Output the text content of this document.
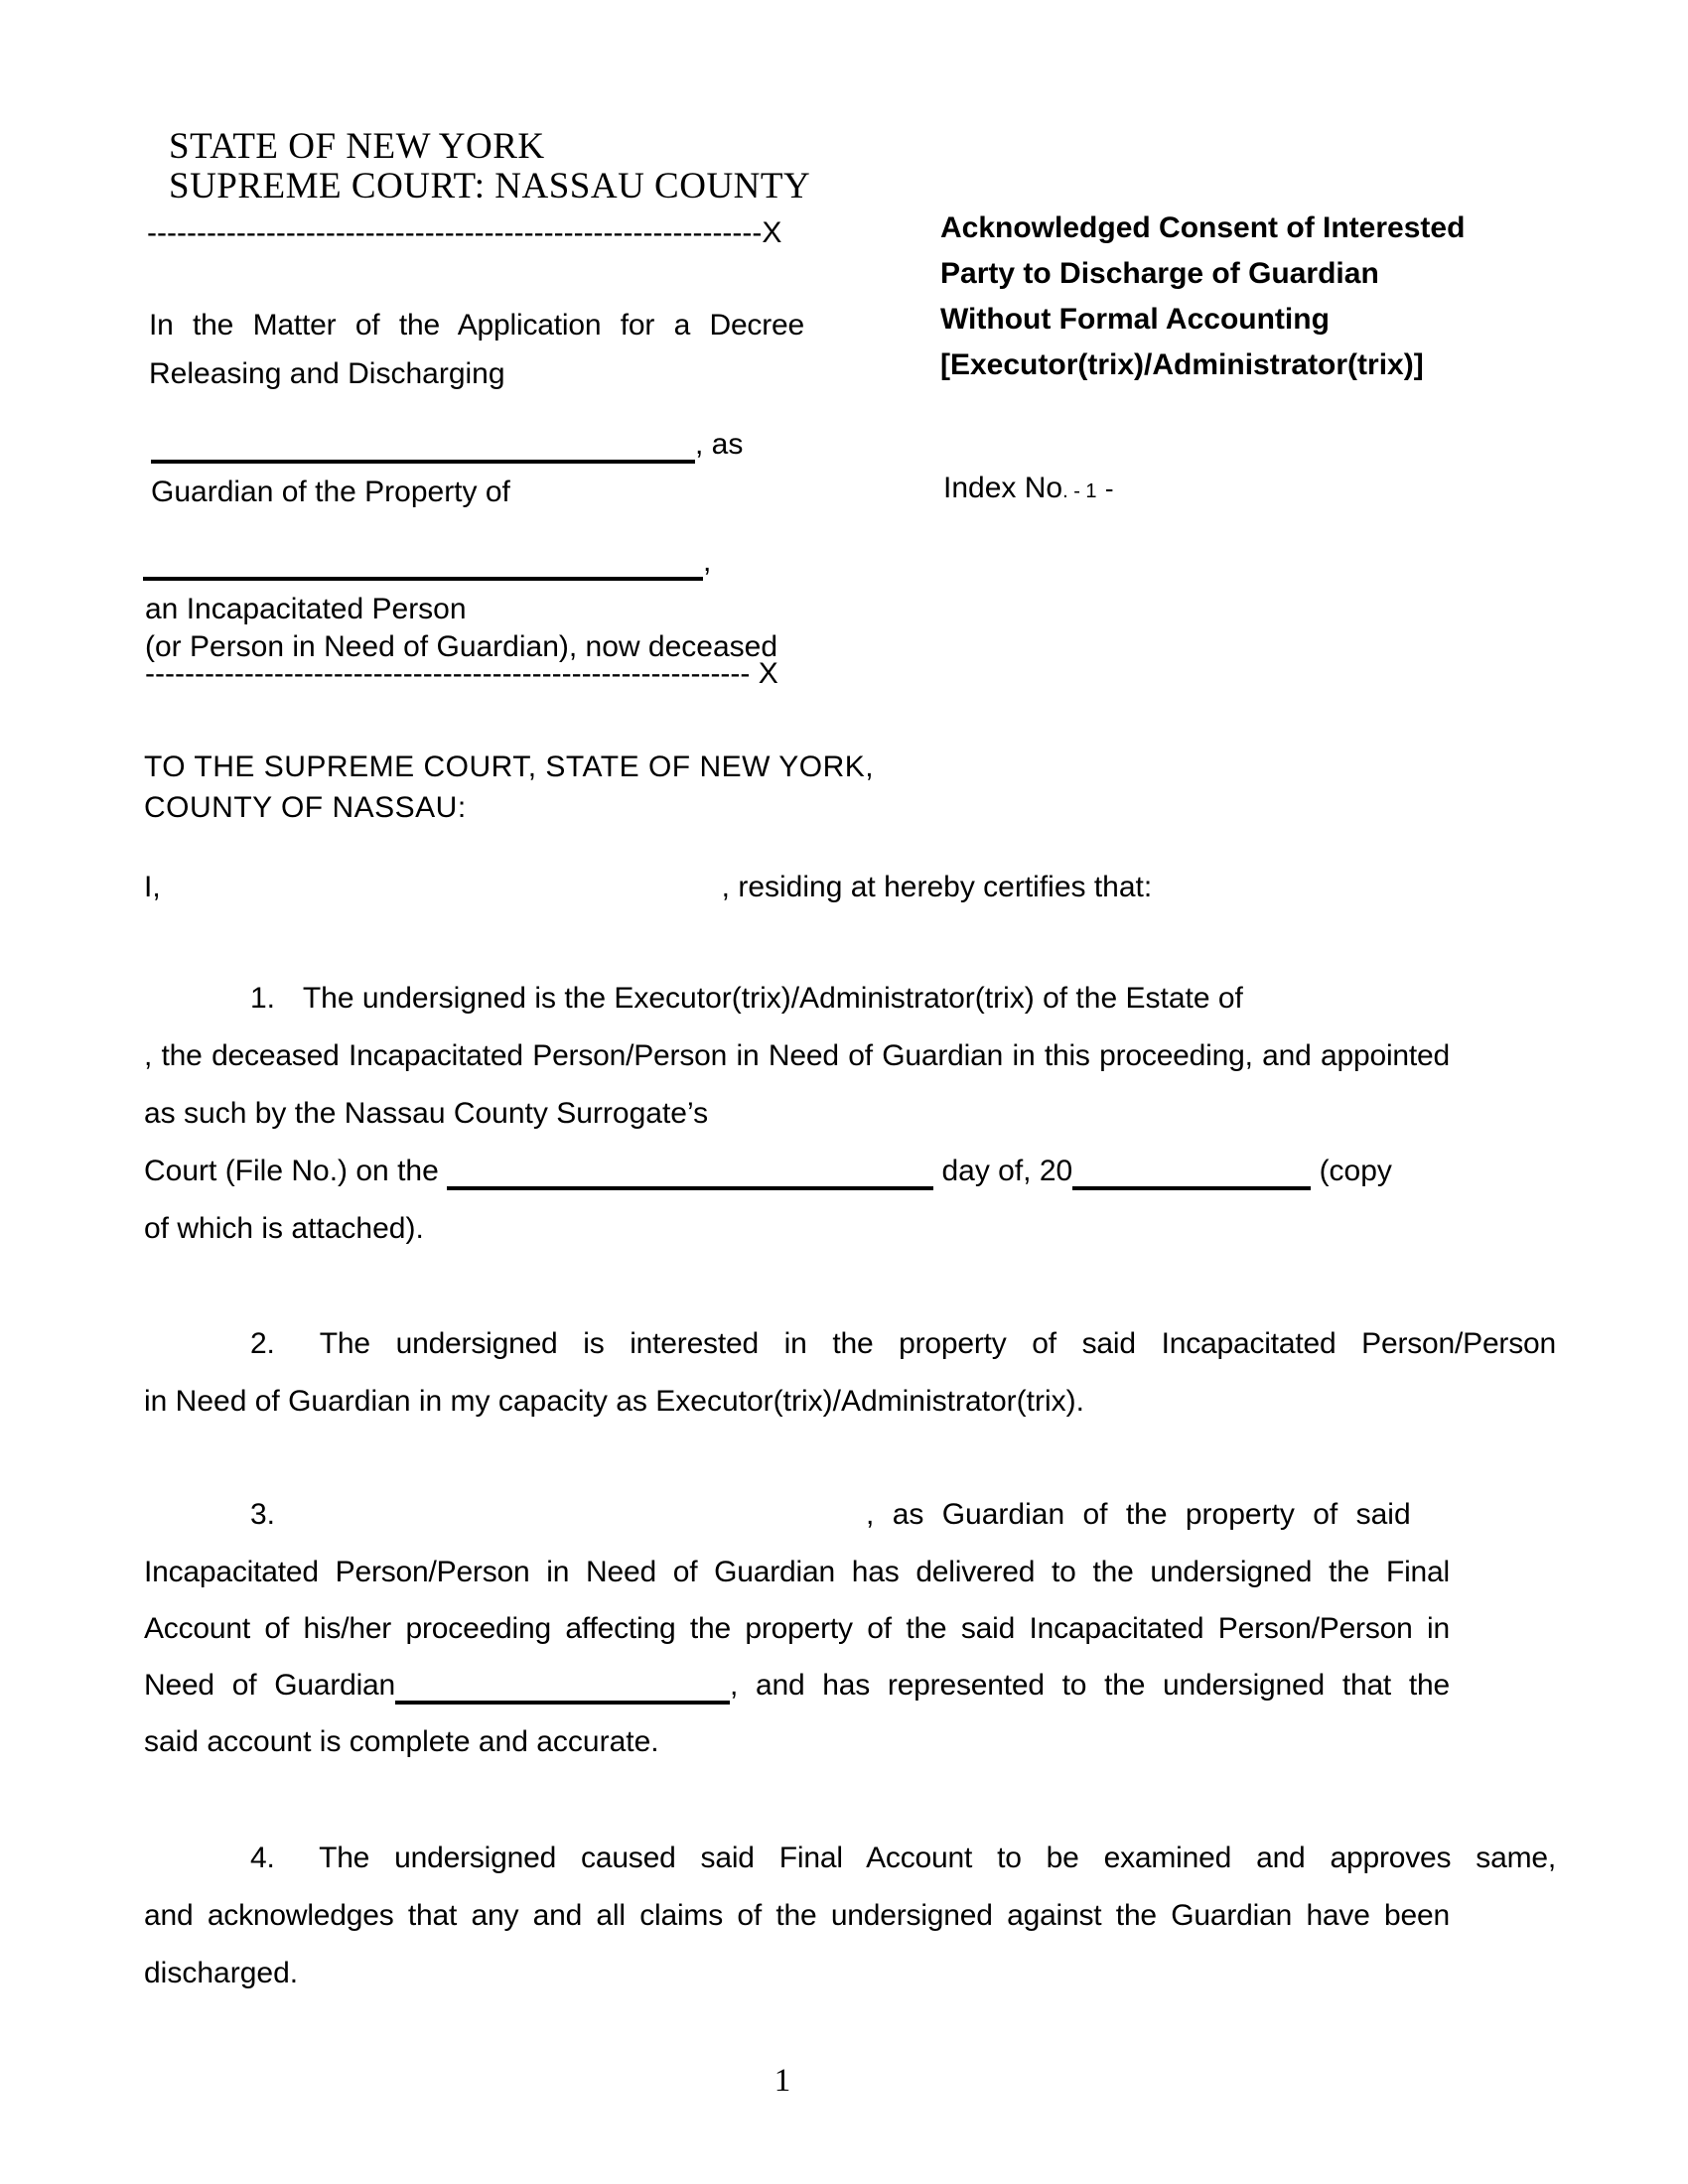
STATE OF NEW YORK
SUPREME COURT: NASSAU COUNTY
--------------------------------------------------------------X	Acknowledged Consent of Interested
Party to Discharge of Guardian
Without Formal Accounting
[Executor(trix)/Administrator(trix)]
In the Matter of the Application for a Decree
Releasing and Discharging
, as
Guardian of the Property of	Index No. - 1 -
,
an Incapacitated Person
(or Person in Need of Guardian), now deceased
------------------------------------------------------------- X
TO THE SUPREME COURT, STATE OF NEW YORK,
COUNTY OF NASSAU:
I,	, residing at hereby certifies that:
1. The undersigned is the Executor(trix)/Administrator(trix) of the Estate of
, the deceased Incapacitated Person/Person in Need of Guardian in this proceeding, and appointed
as such by the Nassau County Surrogate’s
Court (File No.) on the	day of, 20	(copy
of which is attached).
2. The undersigned is interested in the property of said Incapacitated Person/Person
in Need of Guardian in my capacity as Executor(trix)/Administrator(trix).
3.	, as Guardian of the property of said
Incapacitated Person/Person in Need of Guardian has delivered to the undersigned the Final
Account of his/her proceeding affecting the property of the said Incapacitated Person/Person in
Need of Guardian	, and has represented to the undersigned that the
said account is complete and accurate.
4. The undersigned caused said Final Account to be examined and approves same,
and acknowledges that any and all claims of the undersigned against the Guardian have been
discharged.
1
